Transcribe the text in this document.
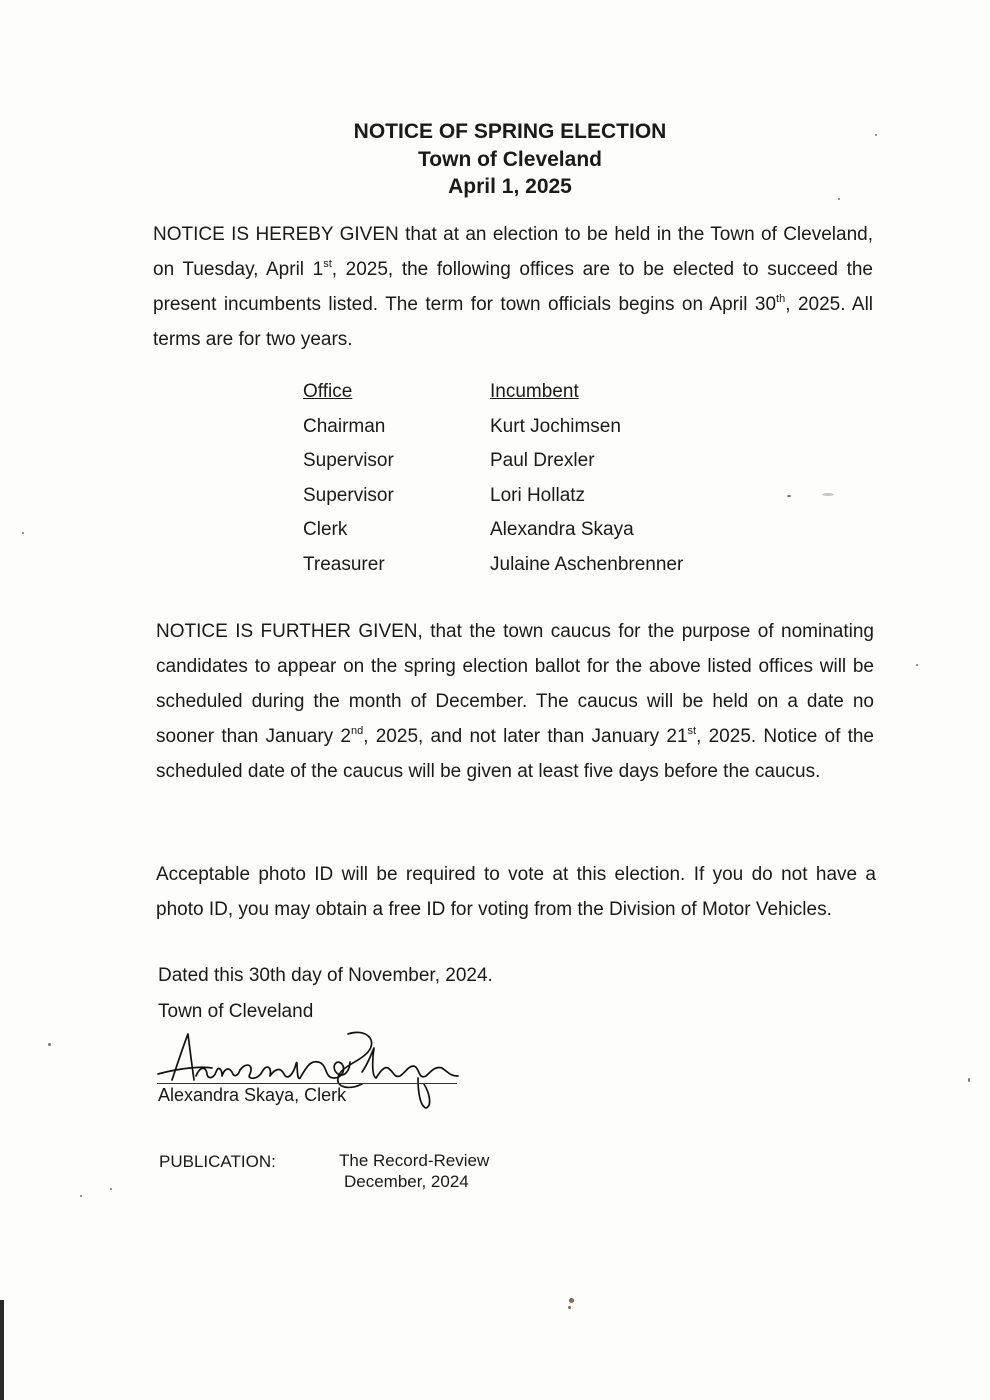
NOTICE OF SPRING ELECTION
Town of Cleveland
April 1, 2025

NOTICE IS HEREBY GIVEN that at an election to be held in the Town of Cleveland, on Tuesday, April 1st, 2025, the following offices are to be elected to succeed the present incumbents listed. The term for town officials begins on April 30th, 2025. All terms are for two years.

Office	Incumbent
Chairman	Kurt Jochimsen
Supervisor	Paul Drexler
Supervisor	Lori Hollatz
Clerk	Alexandra Skaya
Treasurer	Julaine Aschenbrenner

NOTICE IS FURTHER GIVEN, that the town caucus for the purpose of nominating candidates to appear on the spring election ballot for the above listed offices will be scheduled during the month of December. The caucus will be held on a date no sooner than January 2nd, 2025, and not later than January 21st, 2025. Notice of the scheduled date of the caucus will be given at least five days before the caucus.

Acceptable photo ID will be required to vote at this election. If you do not have a photo ID, you may obtain a free ID for voting from the Division of Motor Vehicles.

Dated this 30th day of November, 2024.
Town of Cleveland
Alexandra Skaya, Clerk
PUBLICATION:	The Record-Review
December, 2024
